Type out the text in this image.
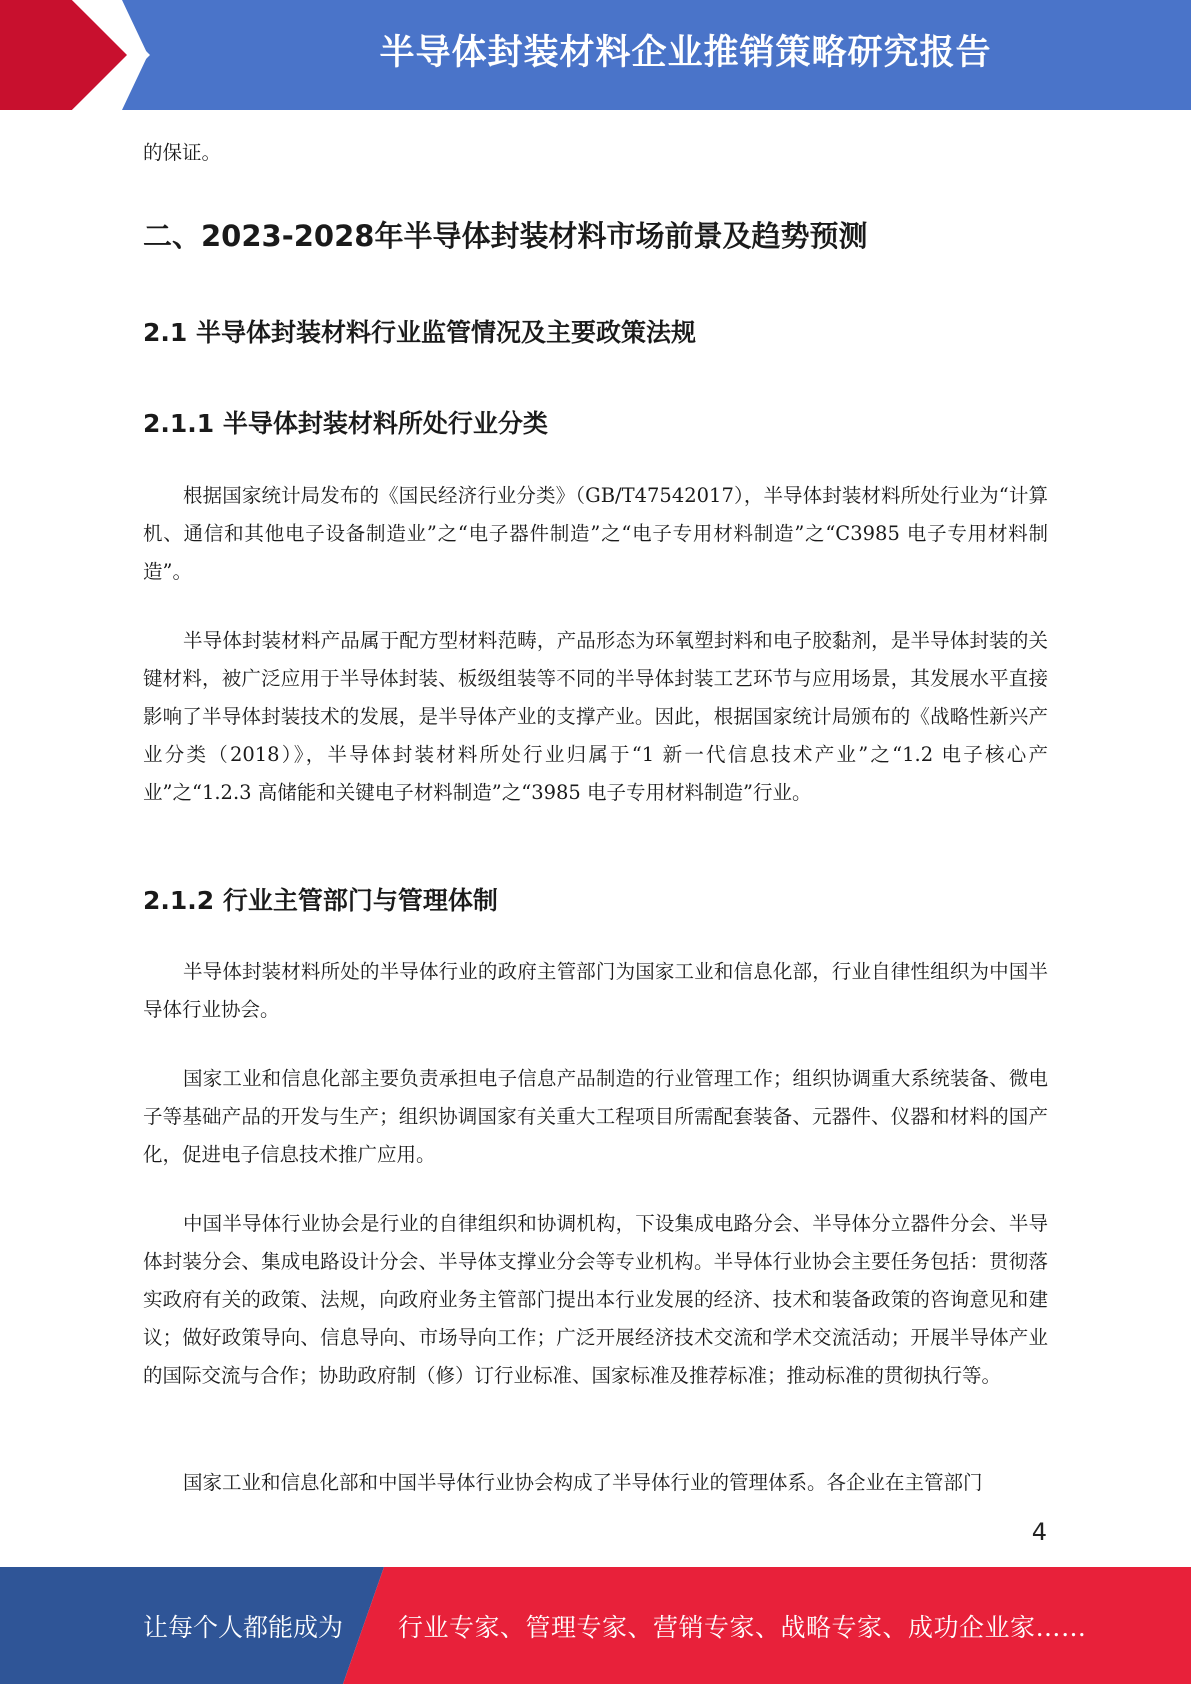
半导体封装材料企业推销策略研究报告

的保证。

二、2023-2028年半导体封装材料市场前景及趋势预测
2.1 半导体封装材料行业监管情况及主要政策法规
2.1.1 半导体封装材料所处行业分类

根据国家统计局发布的《国民经济行业分类》（GB/T47542017），半导体封装材料所处行业为“计算机、通信和其他电子设备制造业”之“电子器件制造”之“电子专用材料制造”之“C3985 电子专用材料制造”。

半导体封装材料产品属于配方型材料范畴，产品形态为环氧塑封料和电子胶黏剂，是半导体封装的关键材料，被广泛应用于半导体封装、板级组装等不同的半导体封装工艺环节与应用场景，其发展水平直接影响了半导体封装技术的发展，是半导体产业的支撑产业。因此，根据国家统计局颁布的《战略性新兴产业分类（2018）》，半导体封装材料所处行业归属于“1 新一代信息技术产业”之“1.2 电子核心产业”之“1.2.3 高储能和关键电子材料制造”之“3985 电子专用材料制造”行业。

2.1.2 行业主管部门与管理体制

半导体封装材料所处的半导体行业的政府主管部门为国家工业和信息化部，行业自律性组织为中国半导体行业协会。

国家工业和信息化部主要负责承担电子信息产品制造的行业管理工作；组织协调重大系统装备、微电子等基础产品的开发与生产；组织协调国家有关重大工程项目所需配套装备、元器件、仪器和材料的国产化，促进电子信息技术推广应用。

中国半导体行业协会是行业的自律组织和协调机构，下设集成电路分会、半导体分立器件分会、半导体封装分会、集成电路设计分会、半导体支撑业分会等专业机构。半导体行业协会主要任务包括：贯彻落实政府有关的政策、法规，向政府业务主管部门提出本行业发展的经济、技术和装备政策的咨询意见和建议；做好政策导向、信息导向、市场导向工作；广泛开展经济技术交流和学术交流活动；开展半导体产业的国际交流与合作；协助政府制（修）订行业标准、国家标准及推荐标准；推动标准的贯彻执行等。

国家工业和信息化部和中国半导体行业协会构成了半导体行业的管理体系。各企业在主管部门

4
让每个人都能成为 行业专家、管理专家、营销专家、战略专家、成功企业家……
